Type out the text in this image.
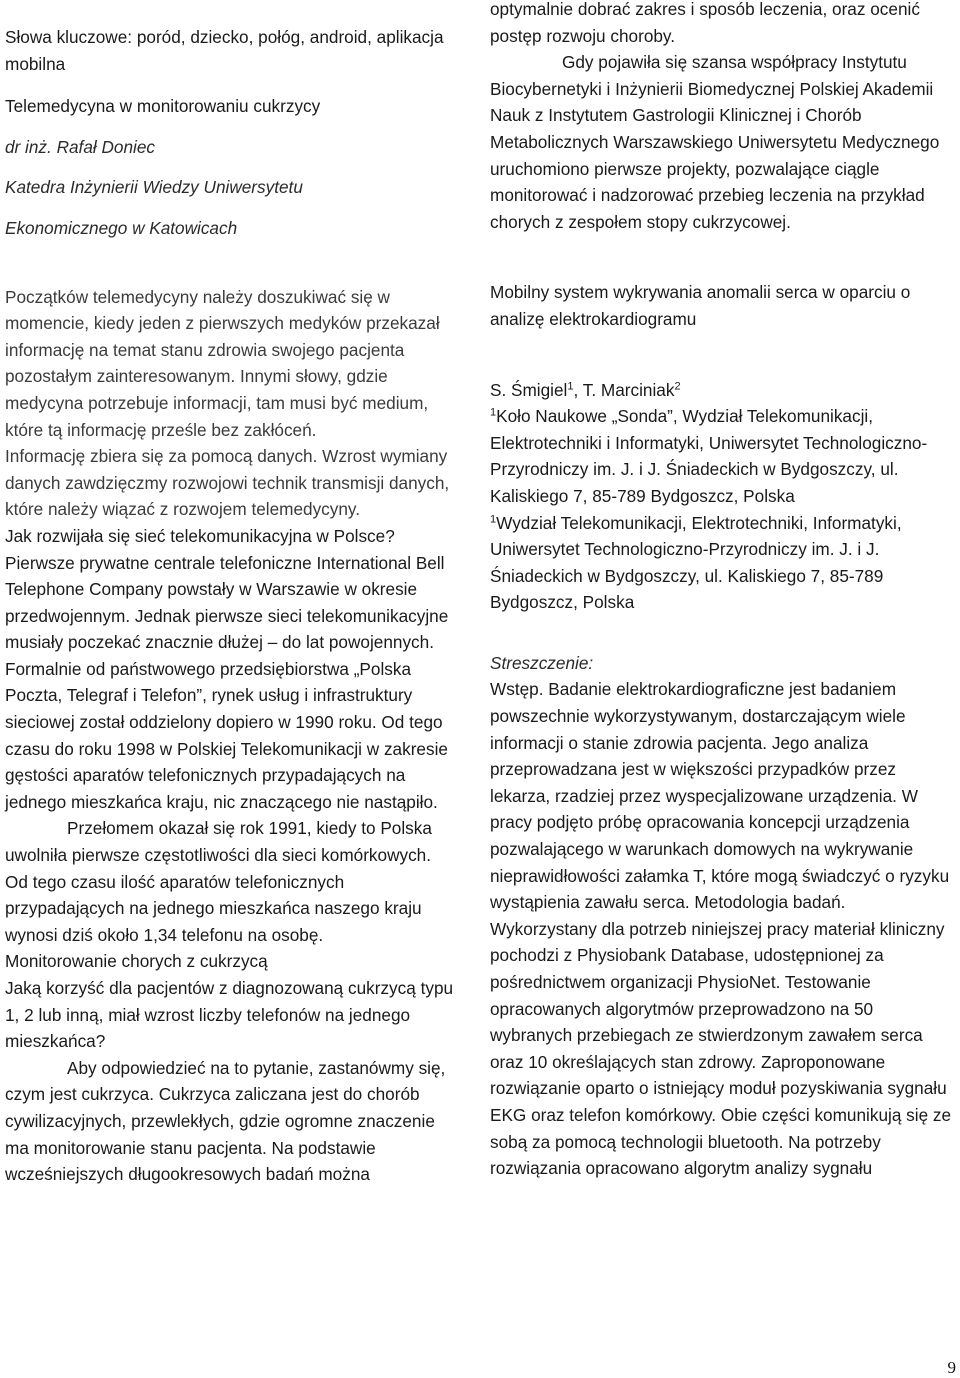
Słowa kluczowe: poród, dziecko, połóg, android, aplikacja mobilna

Telemedycyna w monitorowaniu cukrzycy

dr inż. Rafał Doniec

Katedra Inżynierii Wiedzy Uniwersytetu

Ekonomicznego w Katowicach

Początków telemedycyny należy doszukiwać się w momencie, kiedy jeden z pierwszych medyków przekazał informację na temat stanu zdrowia swojego pacjenta pozostałym zainteresowanym. Innymi słowy, gdzie medycyna potrzebuje informacji, tam musi być medium, które tą informację prześle bez zakłóceń.

Informację zbiera się za pomocą danych. Wzrost wymiany danych zawdzięczmy rozwojowi technik transmisji danych, które należy wiązać z rozwojem telemedycyny.

Jak rozwijała się sieć telekomunikacyjna w Polsce? Pierwsze prywatne centrale telefoniczne International Bell Telephone Company powstały w Warszawie w okresie przedwojennym. Jednak pierwsze sieci telekomunikacyjne musiały poczekać znacznie dłużej – do lat powojennych. Formalnie od państwowego przedsiębiorstwa „Polska Poczta, Telegraf i Telefon”, rynek usług i infrastruktury sieciowej został oddzielony dopiero w 1990 roku. Od tego czasu do roku 1998 w Polskiej Telekomunikacji w zakresie gęstości aparatów telefonicznych przypadających na jednego mieszkańca kraju, nic znaczącego nie nastąpiło.

Przełomem okazał się rok 1991, kiedy to Polska uwolniła pierwsze częstotliwości dla sieci komórkowych. Od tego czasu ilość aparatów telefonicznych przypadających na jednego mieszkańca naszego kraju wynosi dziś około 1,34 telefonu na osobę.

Monitorowanie chorych z cukrzycą

Jaką korzyść dla pacjentów z diagnozowaną cukrzycą typu 1, 2 lub inną, miał wzrost liczby telefonów na jednego mieszkańca?

Aby odpowiedzieć na to pytanie, zastanówmy się, czym jest cukrzyca. Cukrzyca zaliczana jest do chorób cywilizacyjnych, przewlekłych, gdzie ogromne znaczenie ma monitorowanie stanu pacjenta. Na podstawie wcześniejszych długookresowych badań można

optymalnie dobrać zakres i sposób leczenia, oraz ocenić postęp rozwoju choroby.

Gdy pojawiła się szansa współpracy Instytutu Biocybernetyki i Inżynierii Biomedycznej Polskiej Akademii Nauk z Instytutem Gastrologii Klinicznej i Chorób Metabolicznych Warszawskiego Uniwersytetu Medycznego uruchomiono pierwsze projekty, pozwalające ciągle monitorować i nadzorować przebieg leczenia na przykład chorych z zespołem stopy cukrzycowej.

Mobilny system wykrywania anomalii serca w oparciu o analizę elektrokardiogramu

S. Śmigiel$^1$, T. Marciniak$^2$

$^1$Koło Naukowe „Sonda”, Wydział Telekomunikacji, Elektrotechniki i Informatyki, Uniwersytet Technologiczno-Przyrodniczy im. J. i J. Śniadeckich w Bydgoszczy, ul. Kaliskiego 7, 85-789 Bydgoszcz, Polska

$^1$Wydział Telekomunikacji, Elektrotechniki, Informatyki, Uniwersytet Technologiczno-Przyrodniczy im. J. i J. Śniadeckich w Bydgoszczy, ul. Kaliskiego 7, 85-789 Bydgoszcz, Polska

Streszczenie:

Wstęp. Badanie elektrokardiograficzne jest badaniem powszechnie wykorzystywanym, dostarczającym wiele informacji o stanie zdrowia pacjenta. Jego analiza przeprowadzana jest w większości przypadków przez lekarza, rzadziej przez wyspecjalizowane urządzenia. W pracy podjęto próbę opracowania koncepcji urządzenia pozwalającego w warunkach domowych na wykrywanie nieprawidłowości załamka T, które mogą świadczyć o ryzyku wystąpienia zawału serca. Metodologia badań. Wykorzystany dla potrzeb niniejszej pracy materiał kliniczny pochodzi z Physiobank Database, udostępnionej za pośrednictwem organizacji PhysioNet. Testowanie opracowanych algorytmów przeprowadzono na 50 wybranych przebiegach ze stwierdzonym zawałem serca oraz 10 określających stan zdrowy. Zaproponowane rozwiązanie oparto o istniejący moduł pozyskiwania sygnału EKG oraz telefon komórkowy. Obie części komunikują się ze sobą za pomocą technologii bluetooth. Na potrzeby rozwiązania opracowano algorytm analizy sygnału

9
